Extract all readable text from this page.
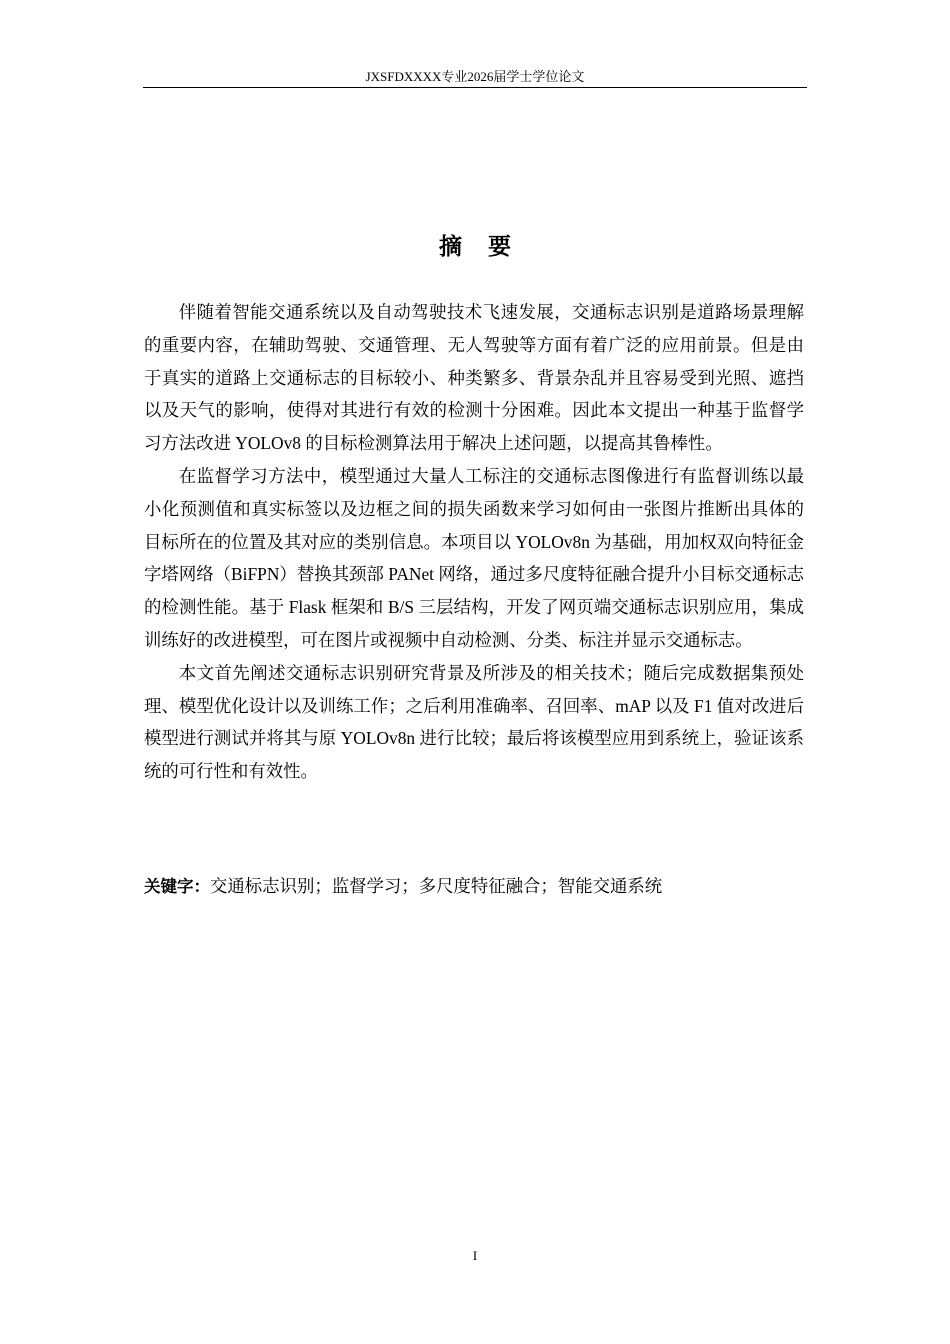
JXSFDXXXX专业2026届学士学位论文
摘要

伴随着智能交通系统以及自动驾驶技术飞速发展，交通标志识别是道路场景理解的重要内容，在辅助驾驶、交通管理、无人驾驶等方面有着广泛的应用前景。但是由于真实的道路上交通标志的目标较小、种类繁多、背景杂乱并且容易受到光照、遮挡以及天气的影响，使得对其进行有效的检测十分困难。因此本文提出一种基于监督学习方法改进 YOLOv8 的目标检测算法用于解决上述问题，以提高其鲁棒性。

在监督学习方法中，模型通过大量人工标注的交通标志图像进行有监督训练以最小化预测值和真实标签以及边框之间的损失函数来学习如何由一张图片推断出具体的目标所在的位置及其对应的类别信息。本项目以 YOLOv8n 为基础，用加权双向特征金字塔网络（BiFPN）替换其颈部 PANet 网络，通过多尺度特征融合提升小目标交通标志的检测性能。基于 Flask 框架和 B/S 三层结构，开发了网页端交通标志识别应用，集成训练好的改进模型，可在图片或视频中自动检测、分类、标注并显示交通标志。

本文首先阐述交通标志识别研究背景及所涉及的相关技术；随后完成数据集预处理、模型优化设计以及训练工作；之后利用准确率、召回率、mAP 以及 F1 值对改进后模型进行测试并将其与原 YOLOv8n 进行比较；最后将该模型应用到系统上，验证该系统的可行性和有效性。

关键字：交通标志识别；监督学习；多尺度特征融合；智能交通系统
I
